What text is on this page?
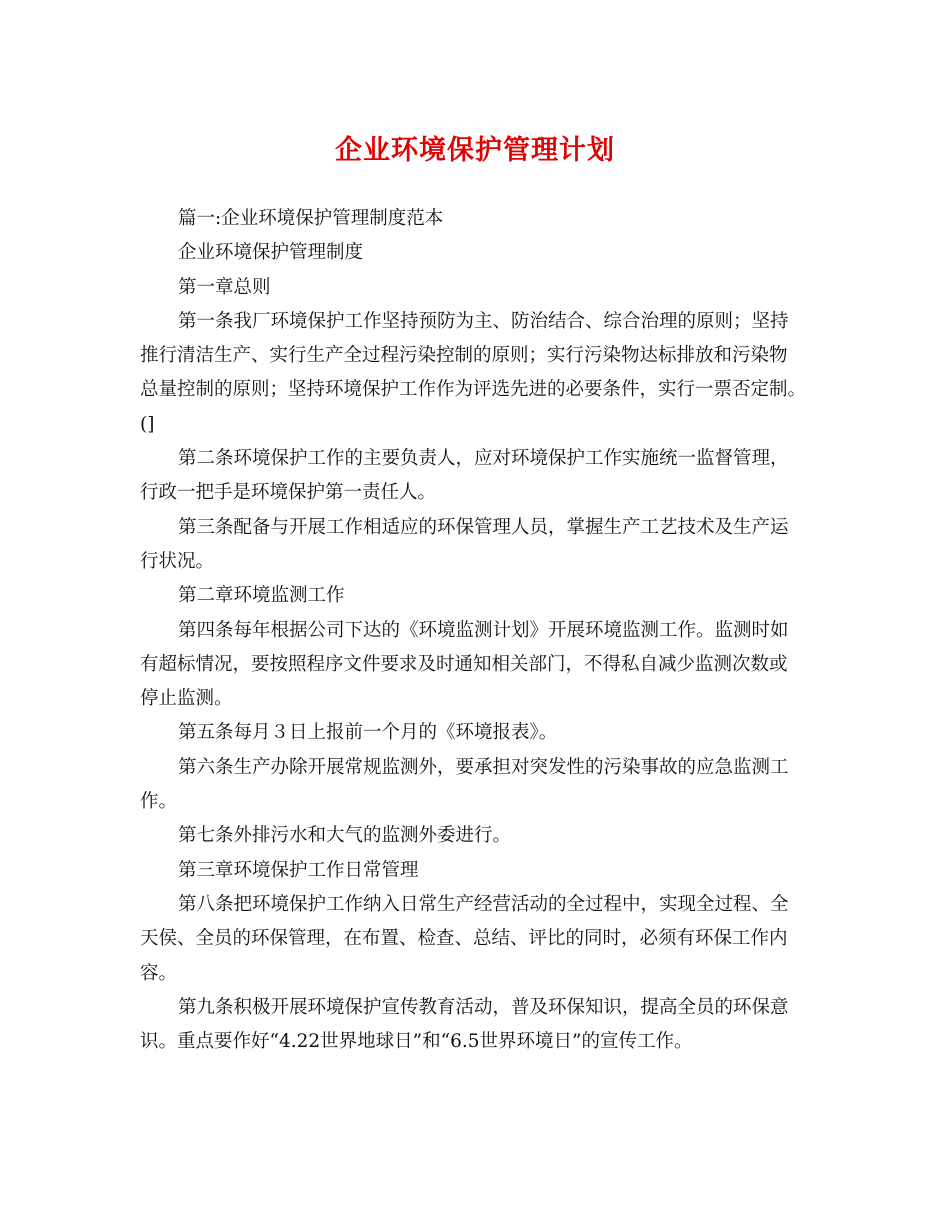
企业环境保护管理计划

篇一:企业环境保护管理制度范本

企业环境保护管理制度

第一章总则

第一条我厂环境保护工作坚持预防为主、防治结合、综合治理的原则；坚持

推行清洁生产、实行生产全过程污染控制的原则；实行污染物达标排放和污染物

总量控制的原则；坚持环境保护工作作为评选先进的必要条件，实行一票否定制。

(]

第二条环境保护工作的主要负责人，应对环境保护工作实施统一监督管理，

行政一把手是环境保护第一责任人。

第三条配备与开展工作相适应的环保管理人员，掌握生产工艺技术及生产运

行状况。

第二章环境监测工作

第四条每年根据公司下达的《环境监测计划》开展环境监测工作。监测时如

有超标情况，要按照程序文件要求及时通知相关部门，不得私自减少监测次数或

停止监测。

第五条每月３日上报前一个月的《环境报表》。

第六条生产办除开展常规监测外，要承担对突发性的污染事故的应急监测工

作。

第七条外排污水和大气的监测外委进行。

第三章环境保护工作日常管理

第八条把环境保护工作纳入日常生产经营活动的全过程中，实现全过程、全

天侯、全员的环保管理，在布置、检查、总结、评比的同时，必须有环保工作内

容。

第九条积极开展环境保护宣传教育活动，普及环保知识，提高全员的环保意

识。重点要作好“4.22世界地球日”和“6.5世界环境日”的宣传工作。
